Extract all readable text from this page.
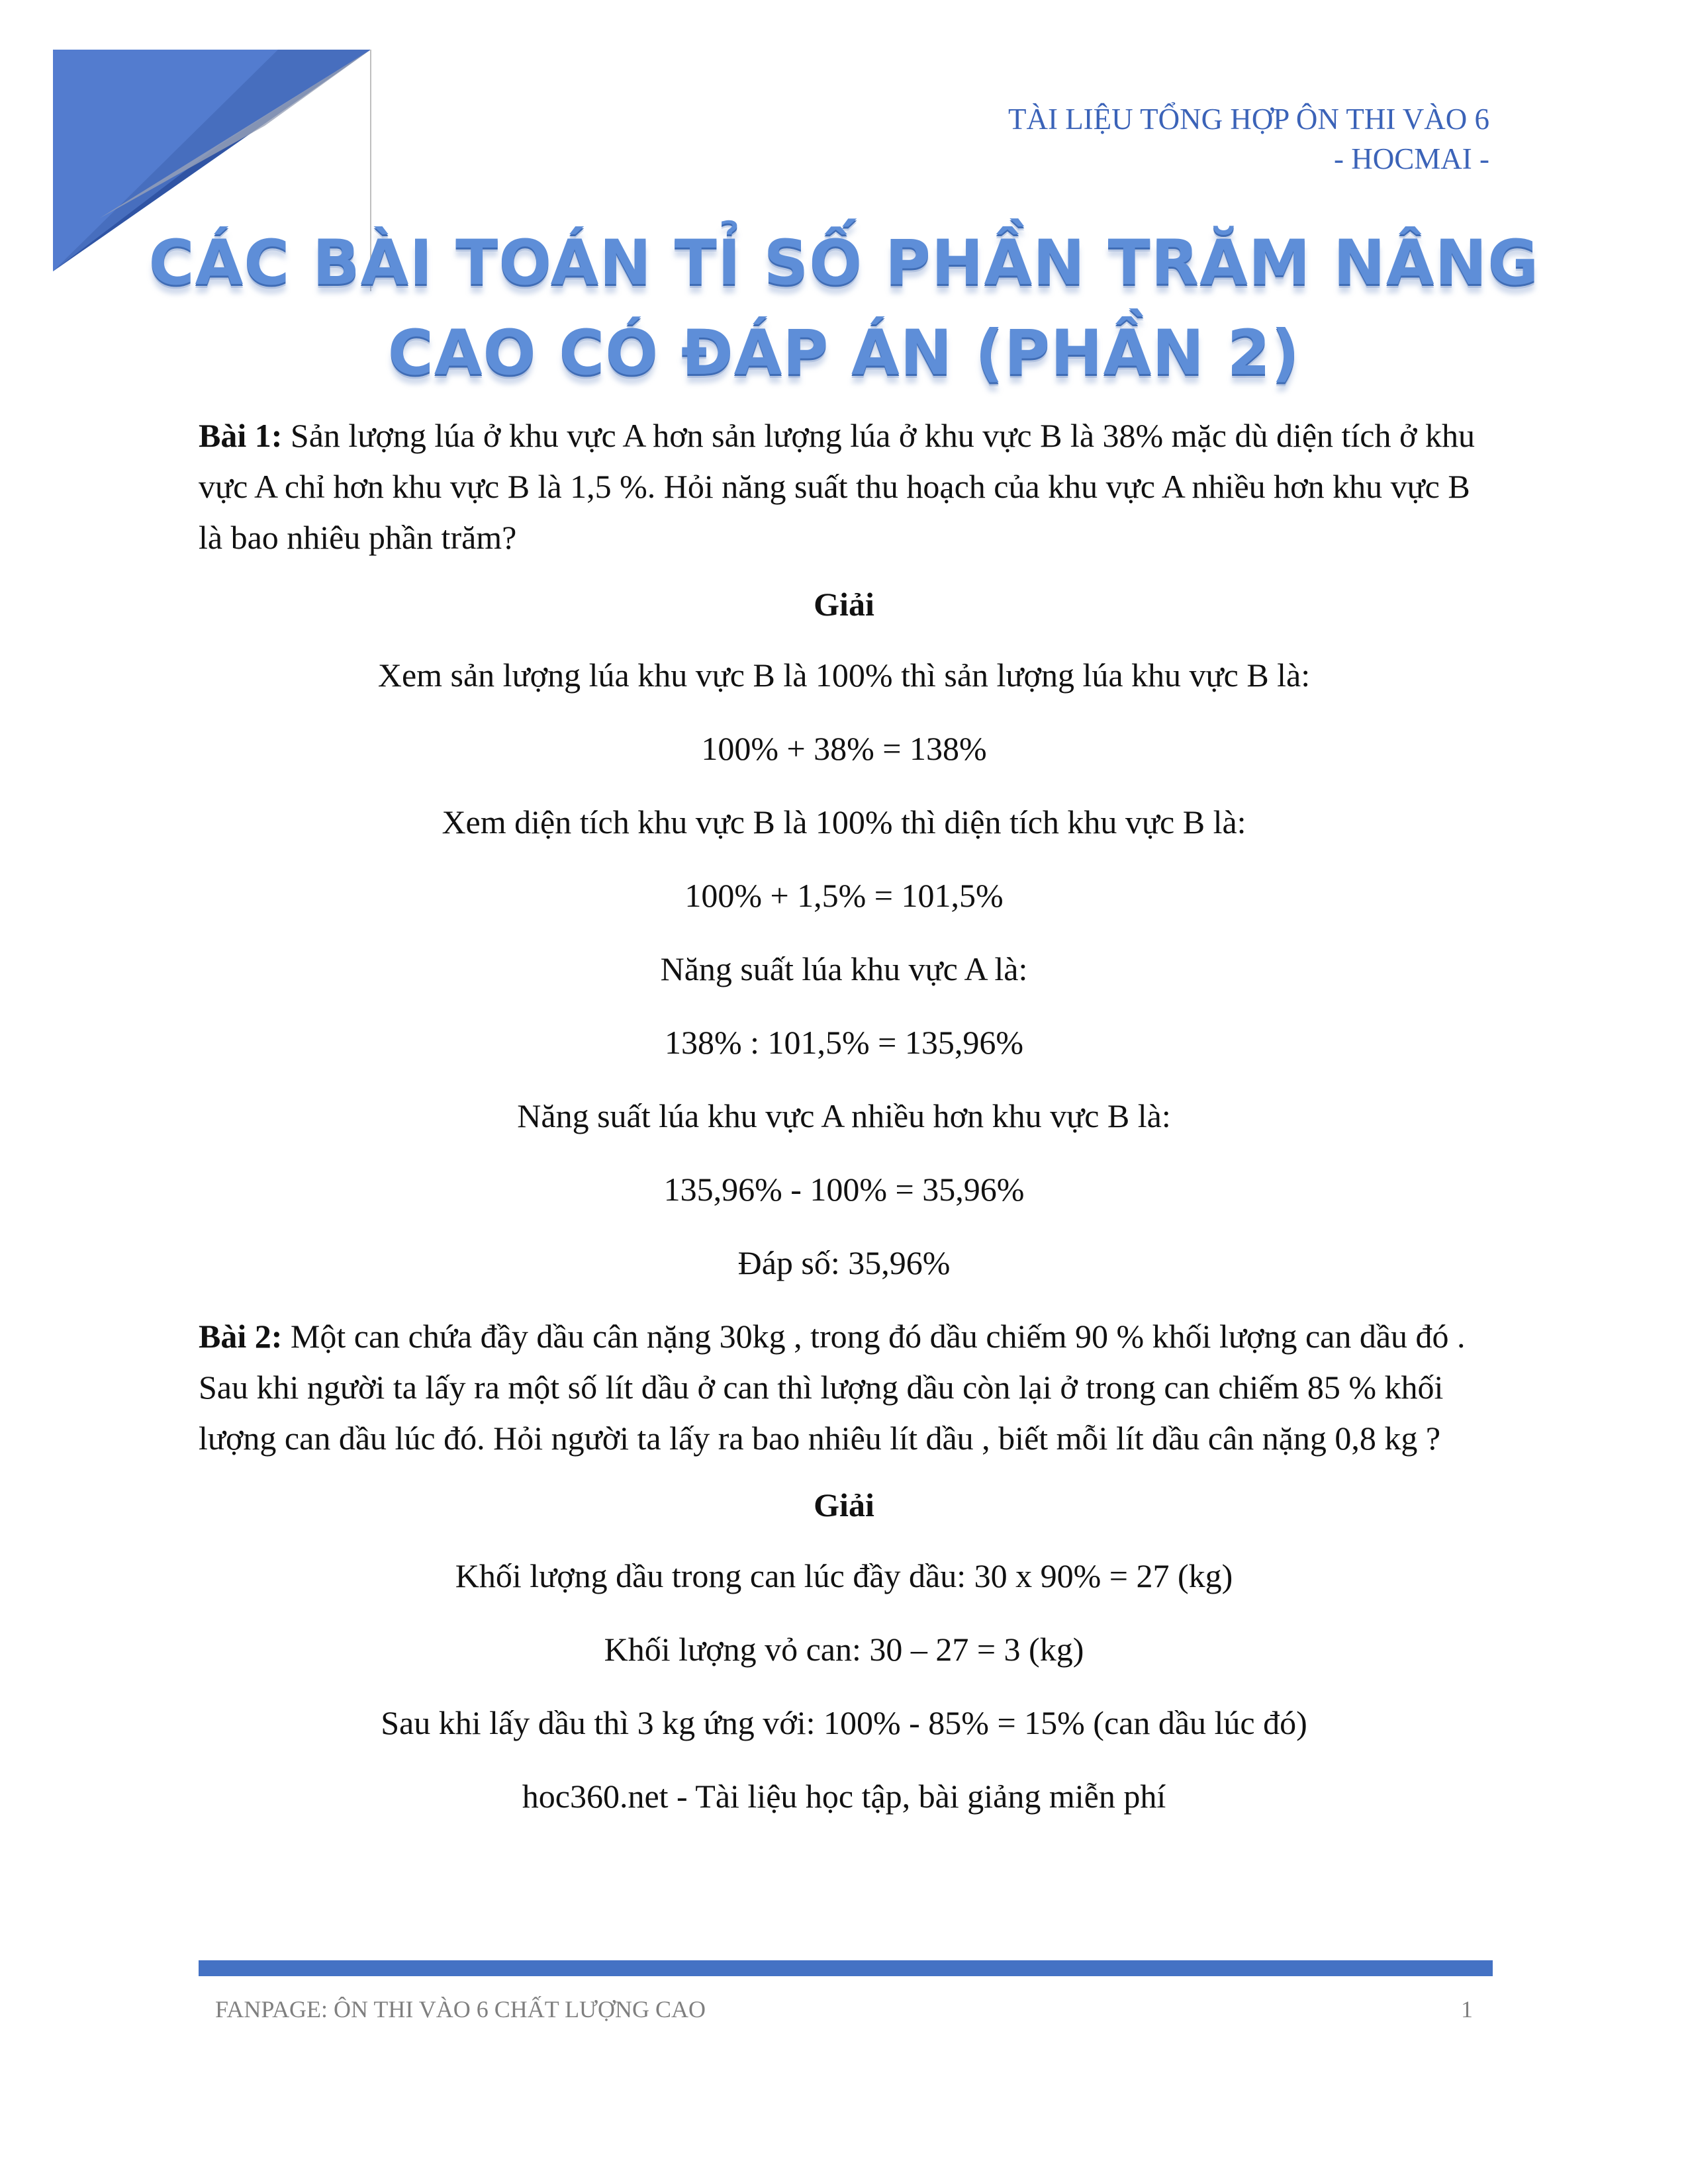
TÀI LIỆU TỔNG HỢP ÔN THI VÀO 6
- HOCMAI -
CÁC BÀI TOÁN TỈ SỐ PHẦN TRĂM NÂNG
CAO CÓ ĐÁP ÁN (PHẦN 2)

Bài 1: Sản lượng lúa ở khu vực A hơn sản lượng lúa ở khu vực B là 38% mặc dù diện tích ở khu vực A chỉ hơn khu vực B là 1,5 %. Hỏi năng suất thu hoạch của khu vực A nhiều hơn khu vực B là bao nhiêu phần trăm?

Giải
Xem sản lượng lúa khu vực B là 100% thì sản lượng lúa khu vực B là:
100% + 38% = 138%
Xem diện tích khu vực B là 100% thì diện tích khu vực B là:
100% + 1,5% = 101,5%
Năng suất lúa khu vực A là:
138% : 101,5% = 135,96%
Năng suất lúa khu vực A nhiều hơn khu vực B là:
135,96% - 100% = 35,96%
Đáp số: 35,96%

Bài 2: Một can chứa đầy dầu cân nặng 30kg , trong đó dầu chiếm 90 % khối lượng can dầu đó . Sau khi người ta lấy ra một số lít dầu ở can thì lượng dầu còn lại ở trong can chiếm 85 % khối lượng can dầu lúc đó. Hỏi người ta lấy ra bao nhiêu lít dầu , biết mỗi lít dầu cân nặng 0,8 kg ?

Giải
Khối lượng dầu trong can lúc đầy dầu: 30 x 90% = 27 (kg)
Khối lượng vỏ can: 30 – 27 = 3 (kg)
Sau khi lấy dầu thì 3 kg ứng với: 100% - 85% = 15% (can dầu lúc đó)
hoc360.net - Tài liệu học tập, bài giảng miễn phí
FANPAGE: ÔN THI VÀO 6 CHẤT LƯỢNG CAO	1
